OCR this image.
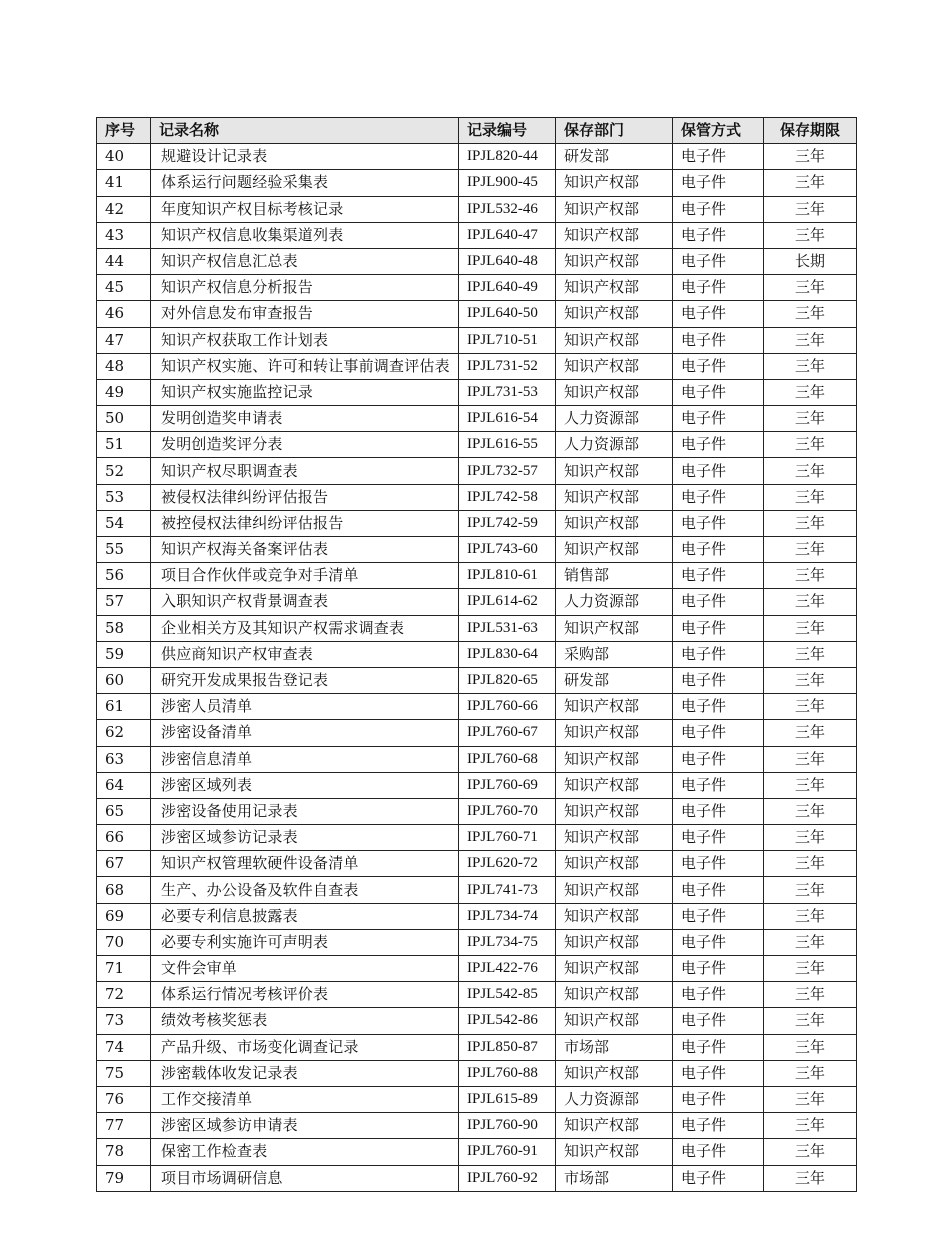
序号	记录名称	记录编号	保存部门	保管方式	保存期限
40	规避设计记录表	IPJL820-44	研发部	电子件	三年
41	体系运行问题经验采集表	IPJL900-45	知识产权部	电子件	三年
42	年度知识产权目标考核记录	IPJL532-46	知识产权部	电子件	三年
43	知识产权信息收集渠道列表	IPJL640-47	知识产权部	电子件	三年
44	知识产权信息汇总表	IPJL640-48	知识产权部	电子件	长期
45	知识产权信息分析报告	IPJL640-49	知识产权部	电子件	三年
46	对外信息发布审查报告	IPJL640-50	知识产权部	电子件	三年
47	知识产权获取工作计划表	IPJL710-51	知识产权部	电子件	三年
48	知识产权实施、许可和转让事前调查评估表	IPJL731-52	知识产权部	电子件	三年
49	知识产权实施监控记录	IPJL731-53	知识产权部	电子件	三年
50	发明创造奖申请表	IPJL616-54	人力资源部	电子件	三年
51	发明创造奖评分表	IPJL616-55	人力资源部	电子件	三年
52	知识产权尽职调查表	IPJL732-57	知识产权部	电子件	三年
53	被侵权法律纠纷评估报告	IPJL742-58	知识产权部	电子件	三年
54	被控侵权法律纠纷评估报告	IPJL742-59	知识产权部	电子件	三年
55	知识产权海关备案评估表	IPJL743-60	知识产权部	电子件	三年
56	项目合作伙伴或竞争对手清单	IPJL810-61	销售部	电子件	三年
57	入职知识产权背景调查表	IPJL614-62	人力资源部	电子件	三年
58	企业相关方及其知识产权需求调查表	IPJL531-63	知识产权部	电子件	三年
59	供应商知识产权审查表	IPJL830-64	采购部	电子件	三年
60	研究开发成果报告登记表	IPJL820-65	研发部	电子件	三年
61	涉密人员清单	IPJL760-66	知识产权部	电子件	三年
62	涉密设备清单	IPJL760-67	知识产权部	电子件	三年
63	涉密信息清单	IPJL760-68	知识产权部	电子件	三年
64	涉密区域列表	IPJL760-69	知识产权部	电子件	三年
65	涉密设备使用记录表	IPJL760-70	知识产权部	电子件	三年
66	涉密区域参访记录表	IPJL760-71	知识产权部	电子件	三年
67	知识产权管理软硬件设备清单	IPJL620-72	知识产权部	电子件	三年
68	生产、办公设备及软件自查表	IPJL741-73	知识产权部	电子件	三年
69	必要专利信息披露表	IPJL734-74	知识产权部	电子件	三年
70	必要专利实施许可声明表	IPJL734-75	知识产权部	电子件	三年
71	文件会审单	IPJL422-76	知识产权部	电子件	三年
72	体系运行情况考核评价表	IPJL542-85	知识产权部	电子件	三年
73	绩效考核奖惩表	IPJL542-86	知识产权部	电子件	三年
74	产品升级、市场变化调查记录	IPJL850-87	市场部	电子件	三年
75	涉密载体收发记录表	IPJL760-88	知识产权部	电子件	三年
76	工作交接清单	IPJL615-89	人力资源部	电子件	三年
77	涉密区域参访申请表	IPJL760-90	知识产权部	电子件	三年
78	保密工作检查表	IPJL760-91	知识产权部	电子件	三年
79	项目市场调研信息	IPJL760-92	市场部	电子件	三年
